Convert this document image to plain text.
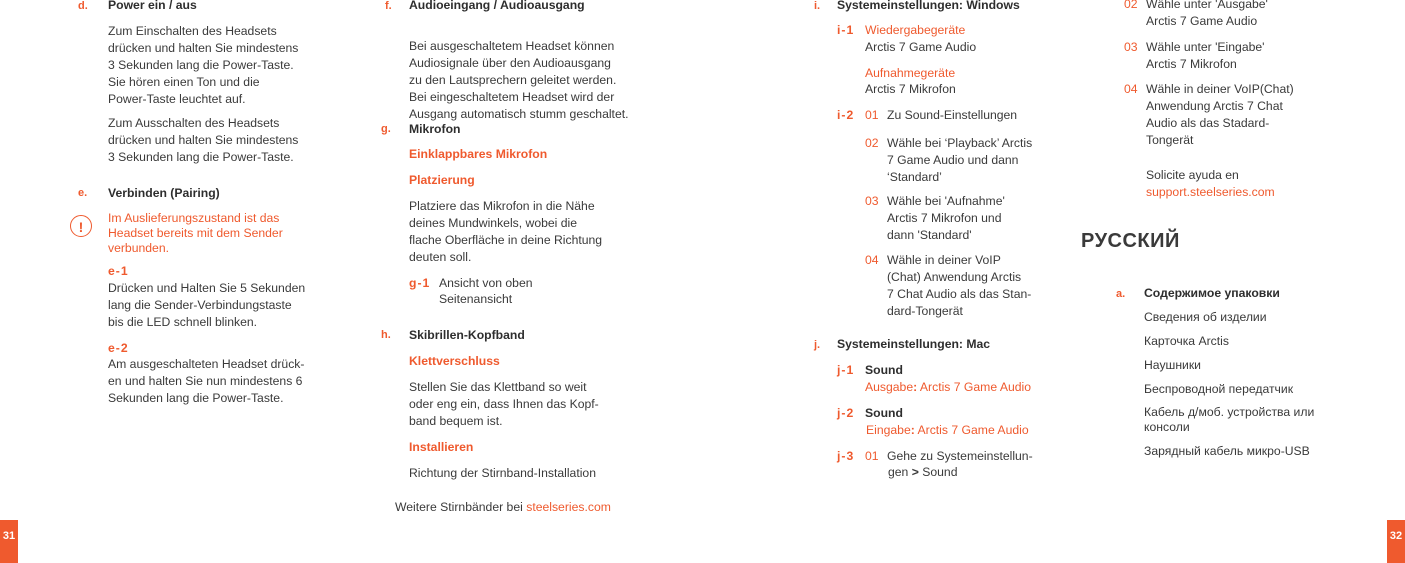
d. Power ein / aus
Zum Einschalten des Headsets
drücken und halten Sie mindestens
3 Sekunden lang die Power-Taste.
Sie hören einen Ton und die
Power-Taste leuchtet auf.
Zum Ausschalten des Headsets
drücken und halten Sie mindestens
3 Sekunden lang die Power-Taste.
e. Verbinden (Pairing)
!
Im Auslieferungszustand ist das
Headset bereits mit dem Sender
verbunden.
e-1
Drücken und Halten Sie 5 Sekunden
lang die Sender-Verbindungstaste
bis die LED schnell blinken.
e-2
Am ausgeschalteten Headset drück-
en und halten Sie nun mindestens 6
Sekunden lang die Power-Taste.
f. Audioeingang / Audioausgang
Bei ausgeschaltetem Headset können
Audiosignale über den Audioausgang
zu den Lautsprechern geleitet werden.
Bei eingeschaltetem Headset wird der
Ausgang automatisch stumm geschaltet.
g. Mikrofon
Einklappbares Mikrofon
Platzierung
Platziere das Mikrofon in die Nähe
deines Mundwinkels, wobei die
flache Oberfläche in deine Richtung
deuten soll.
g-1 Ansicht von oben
Seitenansicht
h. Skibrillen-Kopfband
Klettverschluss
Stellen Sie das Klettband so weit
oder eng ein, dass Ihnen das Kopf-
band bequem ist.
Installieren
Richtung der Stirnband-Installation
Weitere Stirnbänder bei steelseries.com
i. Systemeinstellungen: Windows
i-1 Wiedergabegeräte
Arctis 7 Game Audio
Aufnahmegeräte
Arctis 7 Mikrofon
i-2 01 Zu Sound-Einstellungen
02 Wähle bei ‘Playback’ Arctis
7 Game Audio und dann
‘Standard’
03 Wähle bei 'Aufnahme'
Arctis 7 Mikrofon und
dann 'Standard'
04 Wähle in deiner VoIP
(Chat) Anwendung Arctis
7 Chat Audio als das Stan-
dard-Tongerät
j. Systemeinstellungen: Mac
j-1 Sound
Ausgabe: Arctis 7 Game Audio
j-2 Sound
Eingabe: Arctis 7 Game Audio
j-3 01 Gehe zu Systemeinstellun-
gen > Sound
02 Wähle unter 'Ausgabe'
Arctis 7 Game Audio
03 Wähle unter 'Eingabe'
Arctis 7 Mikrofon
04 Wähle in deiner VoIP(Chat)
Anwendung Arctis 7 Chat
Audio als das Stadard-
Tongerät
Solicite ayuda en
support.steelseries.com
РУССКИЙ
a. Содержимое упаковки
Сведения об изделии
Карточка Arctis
Наушники
Беспроводной передатчик
Кабель д/моб. устройства или
консоли
Зарядный кабель микро-USB
31	32
